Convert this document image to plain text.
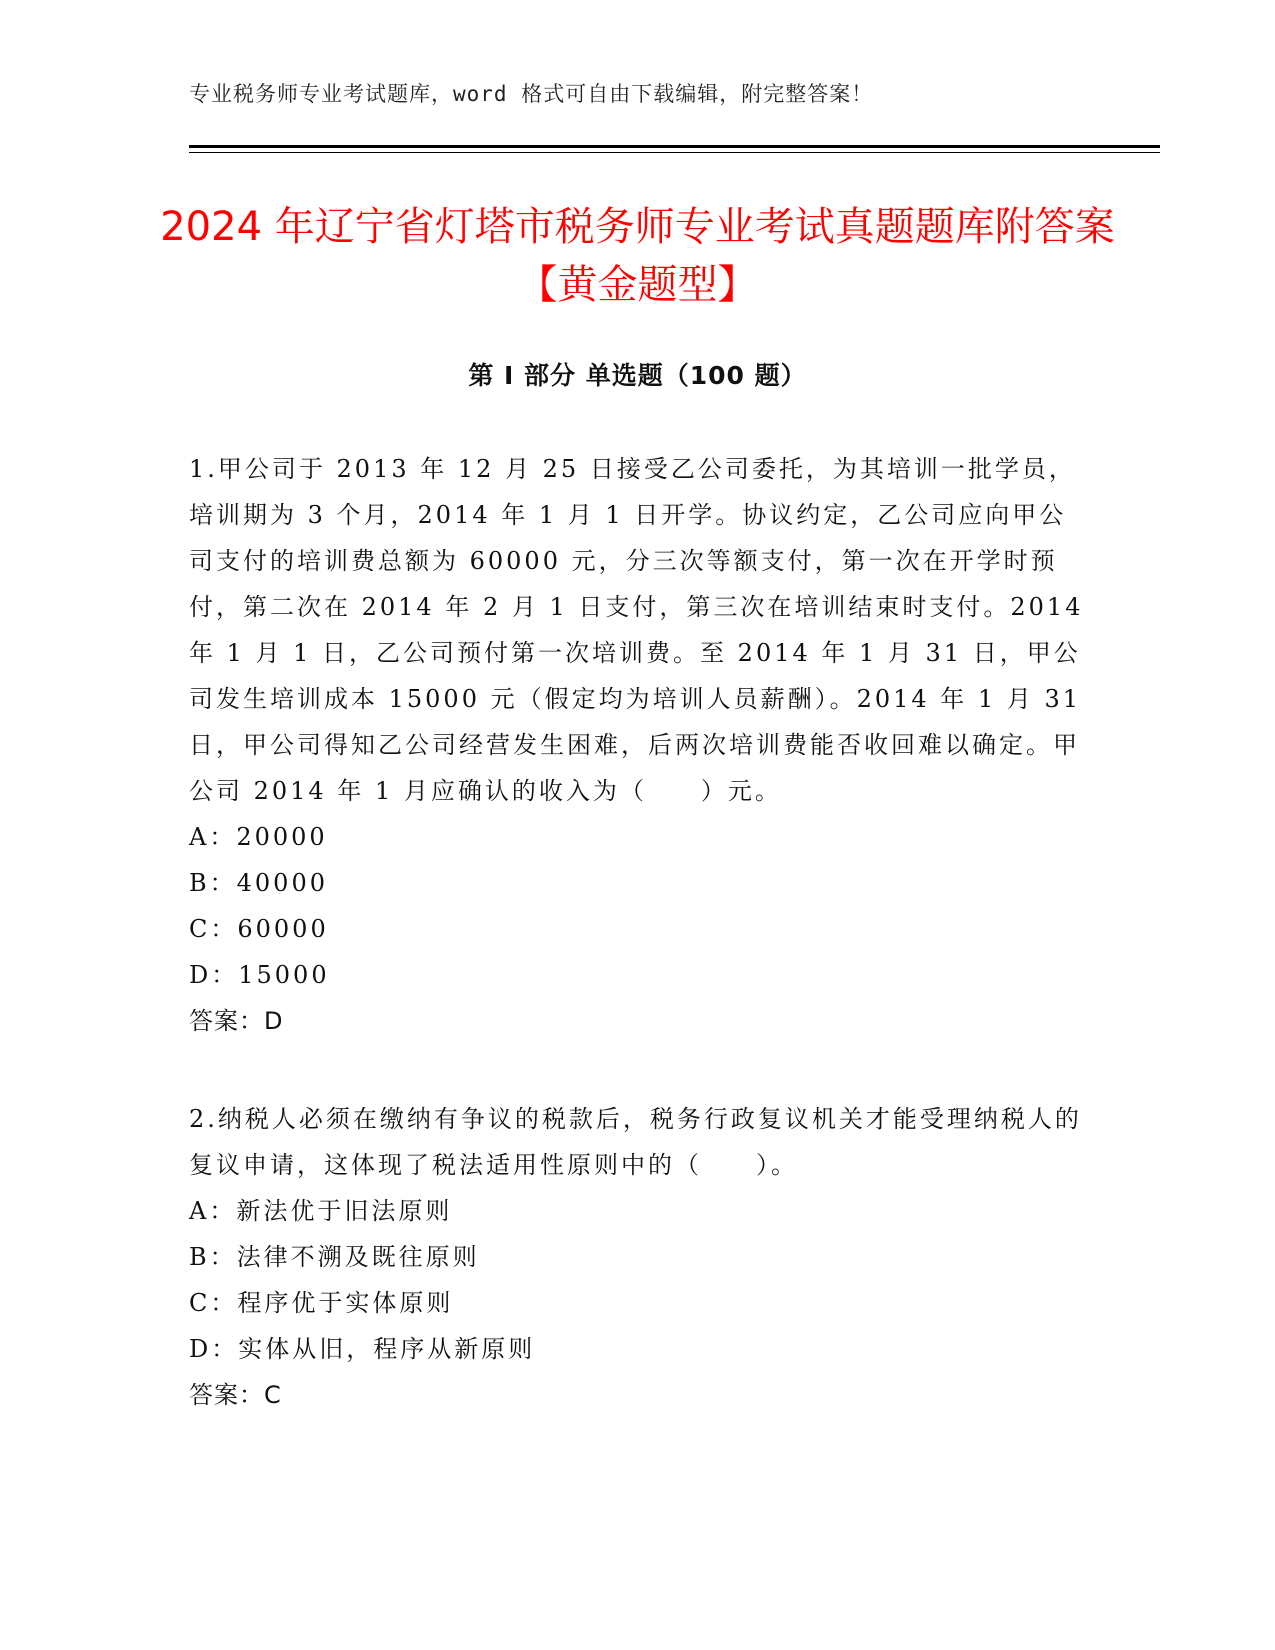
专业税务师专业考试题库，word 格式可自由下载编辑，附完整答案！
2024 年辽宁省灯塔市税务师专业考试真题题库附答案【黄金题型】
第 I 部分 单选题（100 题）

1.甲公司于 2013 年 12 月 25 日接受乙公司委托，为其培训一批学员，培训期为 3 个月，2014 年 1 月 1 日开学。协议约定，乙公司应向甲公司支付的培训费总额为 60000 元，分三次等额支付，第一次在开学时预付，第二次在 2014 年 2 月 1 日支付，第三次在培训结束时支付。2014 年 1 月 1 日，乙公司预付第一次培训费。至 2014 年 1 月 31 日，甲公司发生培训成本 15000 元（假定均为培训人员薪酬）。2014 年 1 月 31 日，甲公司得知乙公司经营发生困难，后两次培训费能否收回难以确定。甲公司 2014 年 1 月应确认的收入为（　　）元。

A：20000
B：40000
C：60000
D：15000

答案：D

2.纳税人必须在缴纳有争议的税款后，税务行政复议机关才能受理纳税人的复议申请，这体现了税法适用性原则中的（　　）。

A：新法优于旧法原则
B：法律不溯及既往原则
C：程序优于实体原则
D：实体从旧，程序从新原则

答案：C
